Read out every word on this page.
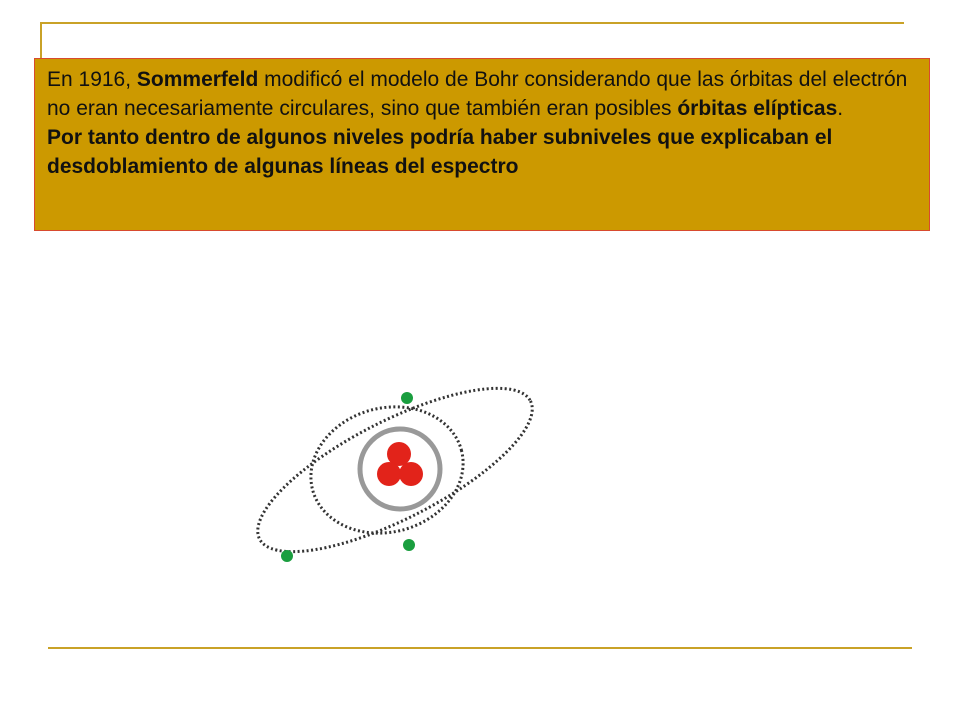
En 1916, Sommerfeld modificó el modelo de Bohr considerando que las órbitas del electrón no eran necesariamente circulares, sino que también eran posibles órbitas elípticas.

Por tanto dentro de algunos niveles podría haber subniveles que explicaban el desdoblamiento de algunas líneas del espectro
